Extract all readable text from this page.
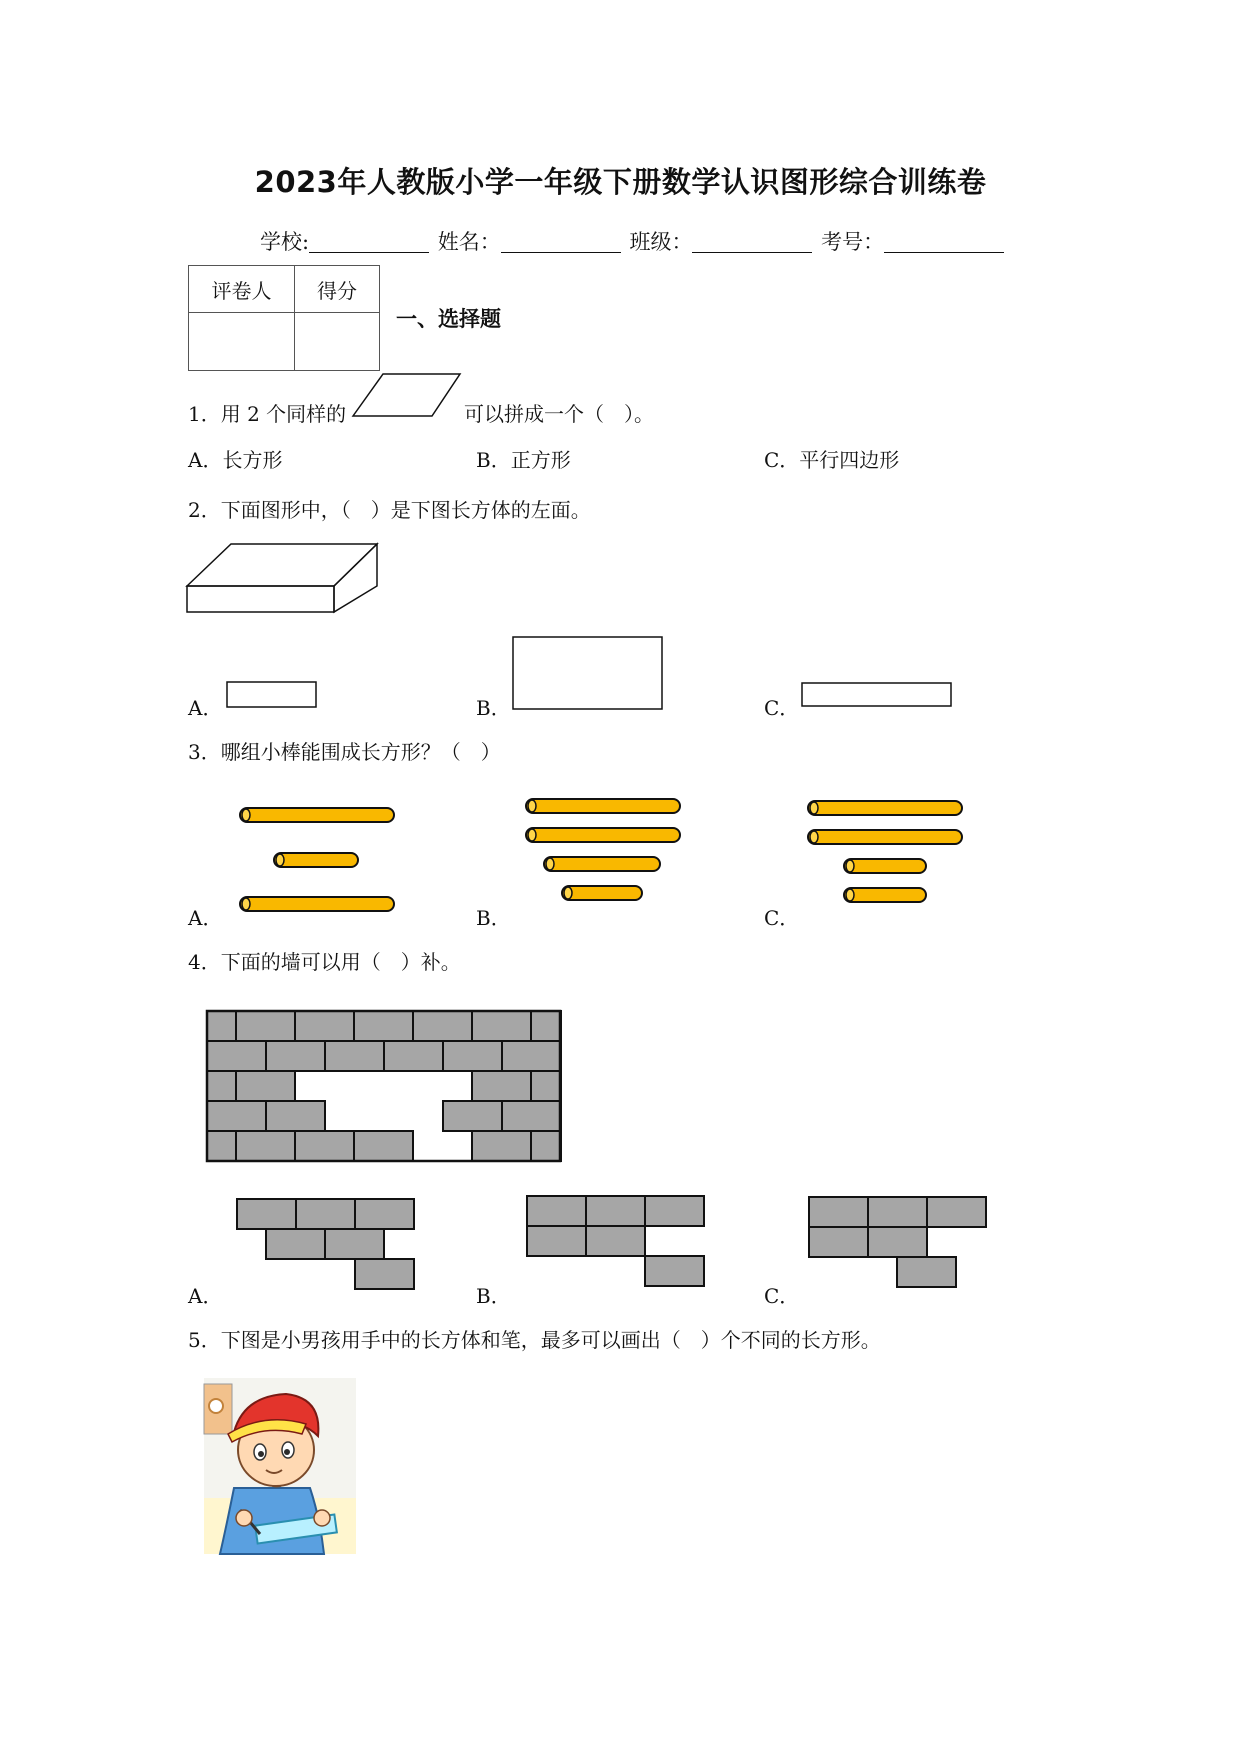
2023年人教版小学一年级下册数学认识图形综合训练卷
学校:	姓名：	班级：	考号：
评卷人	得分

一、选择题
1．用 2 个同样的	可以拼成一个（　）。
A．长方形	B．正方形	C．平行四边形
2．下面图形中，（　）是下图长方体的左面。
A．	B．	C．
3．哪组小棒能围成长方形？（　）
A．	B．	C．
4．下面的墙可以用（　）补。
A．	B．	C．
5．下图是小男孩用手中的长方体和笔，最多可以画出（　）个不同的长方形。
